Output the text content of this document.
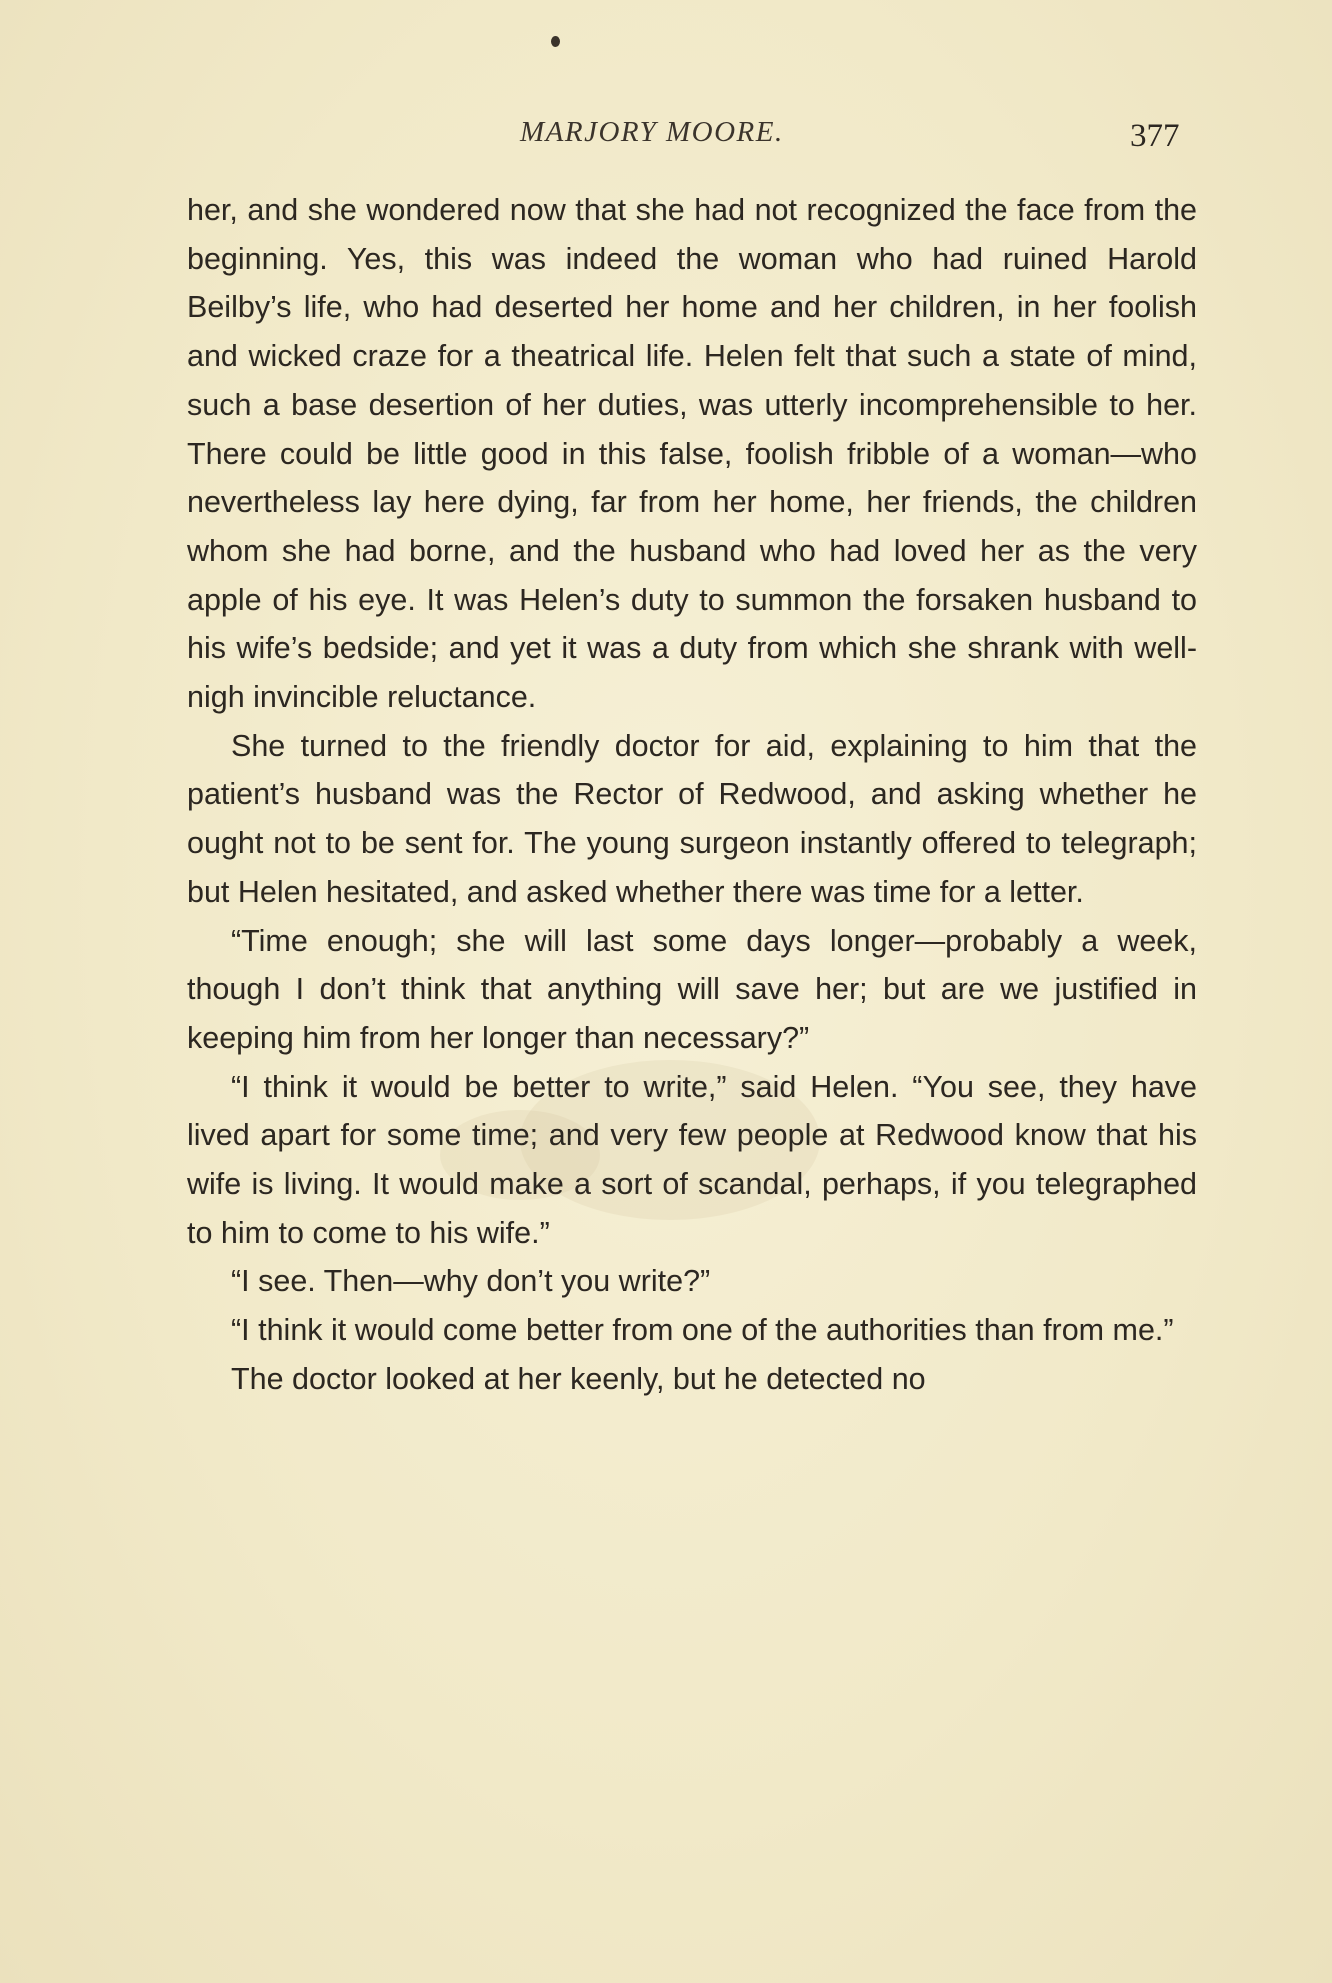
MARJORY MOORE.	377

her, and she wondered now that she had not recognized the face from the beginning. Yes, this was indeed the woman who had ruined Harold Beilby’s life, who had deserted her home and her children, in her foolish and wicked craze for a theatrical life. Helen felt that such a state of mind, such a base desertion of her duties, was utterly incomprehensible to her. There could be little good in this false, foolish fribble of a woman—who nevertheless lay here dying, far from her home, her friends, the children whom she had borne, and the husband who had loved her as the very apple of his eye. It was Helen’s duty to summon the forsaken husband to his wife’s bedside; and yet it was a duty from which she shrank with well-nigh invincible reluctance.

She turned to the friendly doctor for aid, explaining to him that the patient’s husband was the Rector of Redwood, and asking whether he ought not to be sent for. The young surgeon instantly offered to telegraph; but Helen hesitated, and asked whether there was time for a letter.

“Time enough; she will last some days longer—probably a week, though I don’t think that anything will save her; but are we justified in keeping him from her longer than necessary?”

“I think it would be better to write,” said Helen. “You see, they have lived apart for some time; and very few people at Redwood know that his wife is living. It would make a sort of scandal, perhaps, if you telegraphed to him to come to his wife.”

“I see. Then—why don’t you write?”

“I think it would come better from one of the authorities than from me.”

The doctor looked at her keenly, but he detected no
